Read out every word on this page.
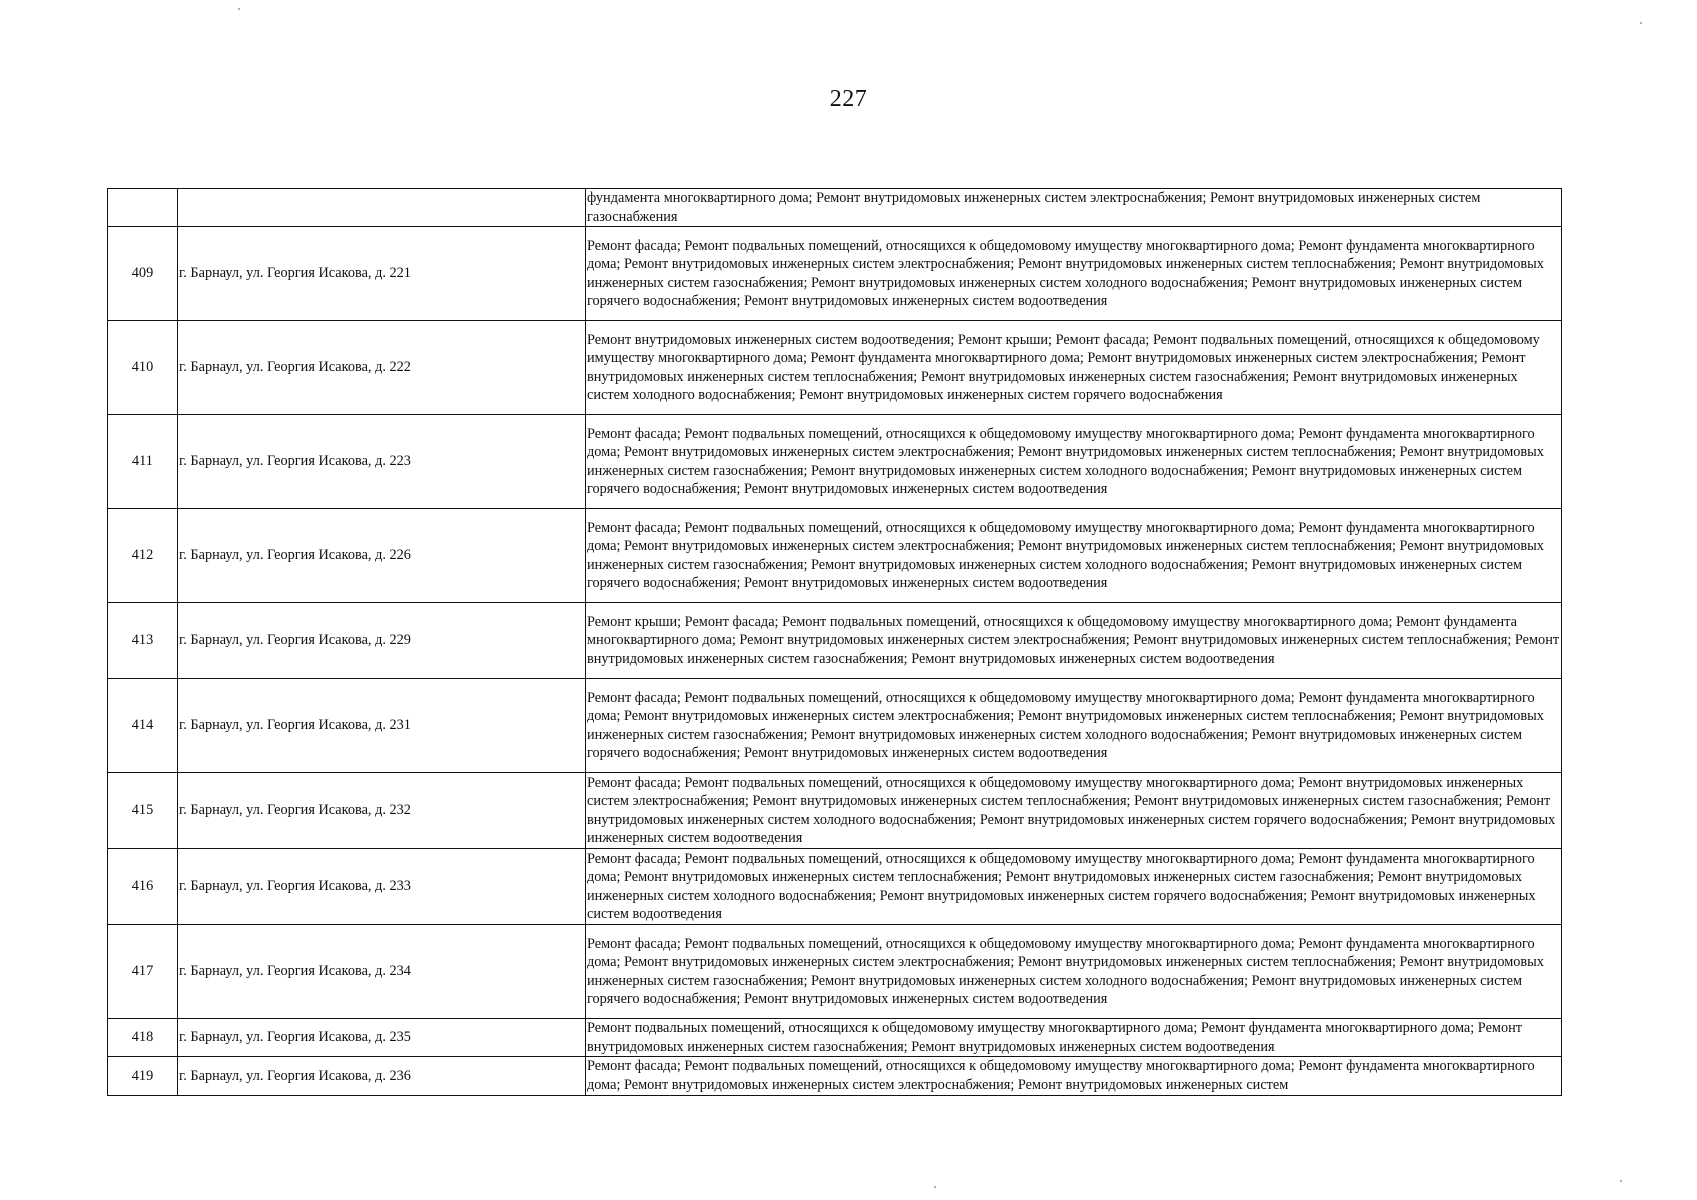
227
		фундамента многоквартирного дома; Ремонт внутридомовых инженерных систем электроснабжения; Ремонт внутридомовых инженерных систем газоснабжения
409	г. Барнаул, ул. Георгия Исакова, д. 221	Ремонт фасада; Ремонт подвальных помещений, относящихся к общедомовому имуществу многоквартирного дома; Ремонт фундамента многоквартирного дома; Ремонт внутридомовых инженерных систем электроснабжения; Ремонт внутридомовых инженерных систем теплоснабжения; Ремонт внутридомовых инженерных систем газоснабжения; Ремонт внутридомовых инженерных систем холодного водоснабжения; Ремонт внутридомовых инженерных систем горячего водоснабжения; Ремонт внутридомовых инженерных систем водоотведения
410	г. Барнаул, ул. Георгия Исакова, д. 222	Ремонт внутридомовых инженерных систем водоотведения; Ремонт крыши; Ремонт фасада; Ремонт подвальных помещений, относящихся к общедомовому имуществу многоквартирного дома; Ремонт фундамента многоквартирного дома; Ремонт внутридомовых инженерных систем электроснабжения; Ремонт внутридомовых инженерных систем теплоснабжения; Ремонт внутридомовых инженерных систем газоснабжения; Ремонт внутридомовых инженерных систем холодного водоснабжения; Ремонт внутридомовых инженерных систем горячего водоснабжения
411	г. Барнаул, ул. Георгия Исакова, д. 223	Ремонт фасада; Ремонт подвальных помещений, относящихся к общедомовому имуществу многоквартирного дома; Ремонт фундамента многоквартирного дома; Ремонт внутридомовых инженерных систем электроснабжения; Ремонт внутридомовых инженерных систем теплоснабжения; Ремонт внутридомовых инженерных систем газоснабжения; Ремонт внутридомовых инженерных систем холодного водоснабжения; Ремонт внутридомовых инженерных систем горячего водоснабжения; Ремонт внутридомовых инженерных систем водоотведения
412	г. Барнаул, ул. Георгия Исакова, д. 226	Ремонт фасада; Ремонт подвальных помещений, относящихся к общедомовому имуществу многоквартирного дома; Ремонт фундамента многоквартирного дома; Ремонт внутридомовых инженерных систем электроснабжения; Ремонт внутридомовых инженерных систем теплоснабжения; Ремонт внутридомовых инженерных систем газоснабжения; Ремонт внутридомовых инженерных систем холодного водоснабжения; Ремонт внутридомовых инженерных систем горячего водоснабжения; Ремонт внутридомовых инженерных систем водоотведения
413	г. Барнаул, ул. Георгия Исакова, д. 229	Ремонт крыши; Ремонт фасада; Ремонт подвальных помещений, относящихся к общедомовому имуществу многоквартирного дома; Ремонт фундамента многоквартирного дома; Ремонт внутридомовых инженерных систем электроснабжения; Ремонт внутридомовых инженерных систем теплоснабжения; Ремонт внутридомовых инженерных систем газоснабжения; Ремонт внутридомовых инженерных систем водоотведения
414	г. Барнаул, ул. Георгия Исакова, д. 231	Ремонт фасада; Ремонт подвальных помещений, относящихся к общедомовому имуществу многоквартирного дома; Ремонт фундамента многоквартирного дома; Ремонт внутридомовых инженерных систем электроснабжения; Ремонт внутридомовых инженерных систем теплоснабжения; Ремонт внутридомовых инженерных систем газоснабжения; Ремонт внутридомовых инженерных систем холодного водоснабжения; Ремонт внутридомовых инженерных систем горячего водоснабжения; Ремонт внутридомовых инженерных систем водоотведения
415	г. Барнаул, ул. Георгия Исакова, д. 232	Ремонт фасада; Ремонт подвальных помещений, относящихся к общедомовому имуществу многоквартирного дома; Ремонт внутридомовых инженерных систем электроснабжения; Ремонт внутридомовых инженерных систем теплоснабжения; Ремонт внутридомовых инженерных систем газоснабжения; Ремонт внутридомовых инженерных систем холодного водоснабжения; Ремонт внутридомовых инженерных систем горячего водоснабжения; Ремонт внутридомовых инженерных систем водоотведения
416	г. Барнаул, ул. Георгия Исакова, д. 233	Ремонт фасада; Ремонт подвальных помещений, относящихся к общедомовому имуществу многоквартирного дома; Ремонт фундамента многоквартирного дома; Ремонт внутридомовых инженерных систем теплоснабжения; Ремонт внутридомовых инженерных систем газоснабжения; Ремонт внутридомовых инженерных систем холодного водоснабжения; Ремонт внутридомовых инженерных систем горячего водоснабжения; Ремонт внутридомовых инженерных систем водоотведения
417	г. Барнаул, ул. Георгия Исакова, д. 234	Ремонт фасада; Ремонт подвальных помещений, относящихся к общедомовому имуществу многоквартирного дома; Ремонт фундамента многоквартирного дома; Ремонт внутридомовых инженерных систем электроснабжения; Ремонт внутридомовых инженерных систем теплоснабжения; Ремонт внутридомовых инженерных систем газоснабжения; Ремонт внутридомовых инженерных систем холодного водоснабжения; Ремонт внутридомовых инженерных систем горячего водоснабжения; Ремонт внутридомовых инженерных систем водоотведения
418	г. Барнаул, ул. Георгия Исакова, д. 235	Ремонт подвальных помещений, относящихся к общедомовому имуществу многоквартирного дома; Ремонт фундамента многоквартирного дома; Ремонт внутридомовых инженерных систем газоснабжения; Ремонт внутридомовых инженерных систем водоотведения
419	г. Барнаул, ул. Георгия Исакова, д. 236	Ремонт фасада; Ремонт подвальных помещений, относящихся к общедомовому имуществу многоквартирного дома; Ремонт фундамента многоквартирного дома; Ремонт внутридомовых инженерных систем электроснабжения; Ремонт внутридомовых инженерных систем
